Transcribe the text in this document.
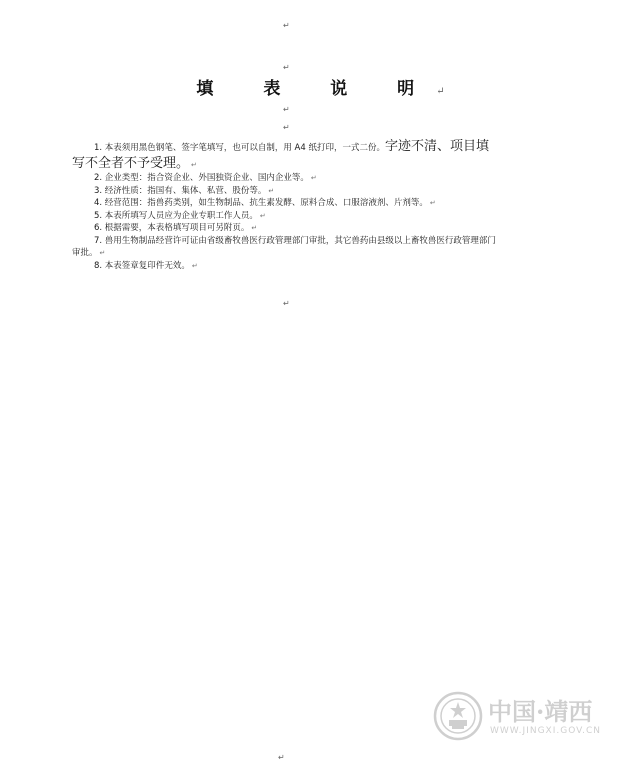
↵
↵
填 表 说 明↵
↵
↵

1. 本表须用黑色钢笔、签字笔填写，也可以自制，用 A4 纸打印，一式二份。字迹不清、项目填写不全者不予受理。 ↵

2. 企业类型：指合资企业、外国独资企业、国内企业等。 ↵

3. 经济性质：指国有、集体、私营、股份等。 ↵

4. 经营范围：指兽药类别，如生物制品、抗生素发酵、原料合成、口服溶液剂、片剂等。 ↵

5. 本表所填写人员应为企业专职工作人员。 ↵

6. 根据需要，本表格填写项目可另附页。 ↵

7. 兽用生物制品经营许可证由省级畜牧兽医行政管理部门审批，其它兽药由县级以上畜牧兽医行政管理部门审批。 ↵

8. 本表签章复印件无效。 ↵

↵
中国·靖西
WWW.JINGXI.GOV.CN
↵
